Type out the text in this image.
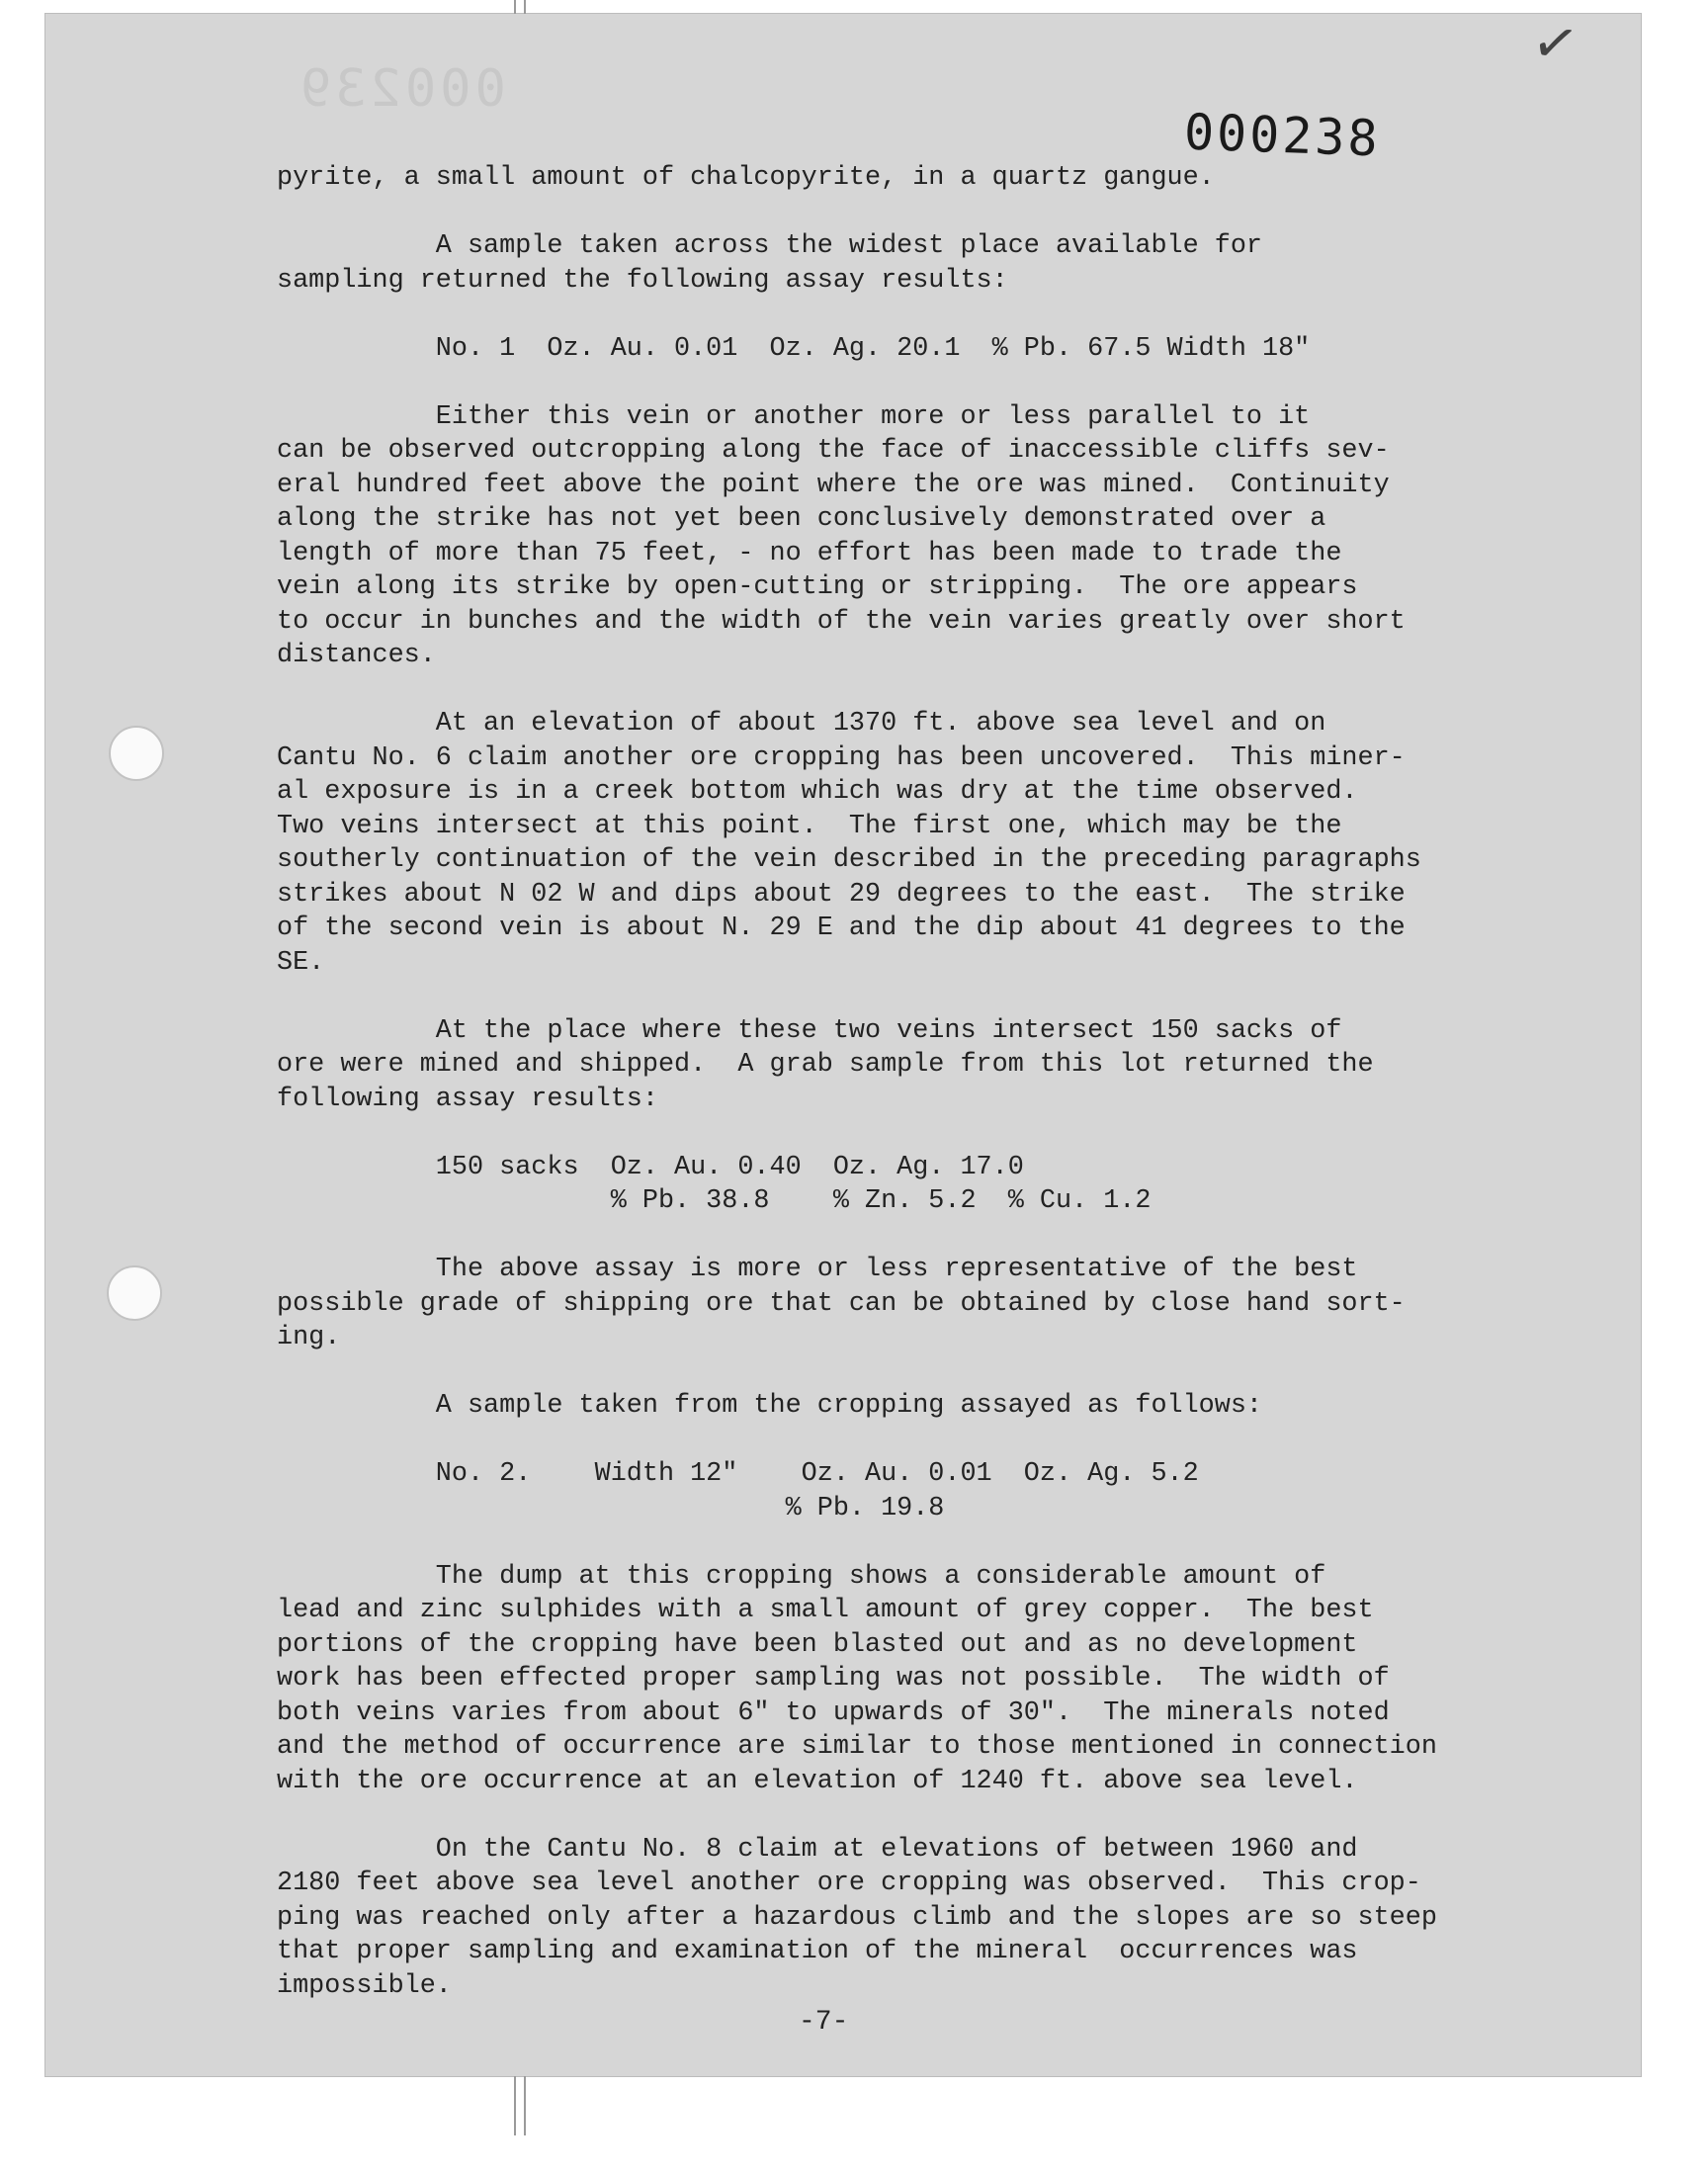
000239
✓
000238
pyrite, a small amount of chalcopyrite, in a quartz gangue.

A sample taken across the widest place available for
sampling returned the following assay results:

No. 1  Oz. Au. 0.01  Oz. Ag. 20.1  % Pb. 67.5 Width 18"

Either this vein or another more or less parallel to it
can be observed outcropping along the face of inaccessible cliffs sev-
eral hundred feet above the point where the ore was mined.  Continuity
along the strike has not yet been conclusively demonstrated over a
length of more than 75 feet, - no effort has been made to trade the
vein along its strike by open-cutting or stripping.  The ore appears
to occur in bunches and the width of the vein varies greatly over short
distances.

At an elevation of about 1370 ft. above sea level and on
Cantu No. 6 claim another ore cropping has been uncovered.  This miner-
al exposure is in a creek bottom which was dry at the time observed.
Two veins intersect at this point.  The first one, which may be the
southerly continuation of the vein described in the preceding paragraphs
strikes about N 02 W and dips about 29 degrees to the east.  The strike
of the second vein is about N. 29 E and the dip about 41 degrees to the
SE.

At the place where these two veins intersect 150 sacks of
ore were mined and shipped.  A grab sample from this lot returned the
following assay results:

150 sacks  Oz. Au. 0.40  Oz. Ag. 17.0
% Pb. 38.8    % Zn. 5.2  % Cu. 1.2

The above assay is more or less representative of the best
possible grade of shipping ore that can be obtained by close hand sort-
ing.

A sample taken from the cropping assayed as follows:

No. 2.    Width 12"    Oz. Au. 0.01  Oz. Ag. 5.2
% Pb. 19.8

The dump at this cropping shows a considerable amount of
lead and zinc sulphides with a small amount of grey copper.  The best
portions of the cropping have been blasted out and as no development
work has been effected proper sampling was not possible.  The width of
both veins varies from about 6" to upwards of 30".  The minerals noted
and the method of occurrence are similar to those mentioned in connection
with the ore occurrence at an elevation of 1240 ft. above sea level.

On the Cantu No. 8 claim at elevations of between 1960 and
2180 feet above sea level another ore cropping was observed.  This crop-
ping was reached only after a hazardous climb and the slopes are so steep
that proper sampling and examination of the mineral  occurrences was
impossible.
-7-
